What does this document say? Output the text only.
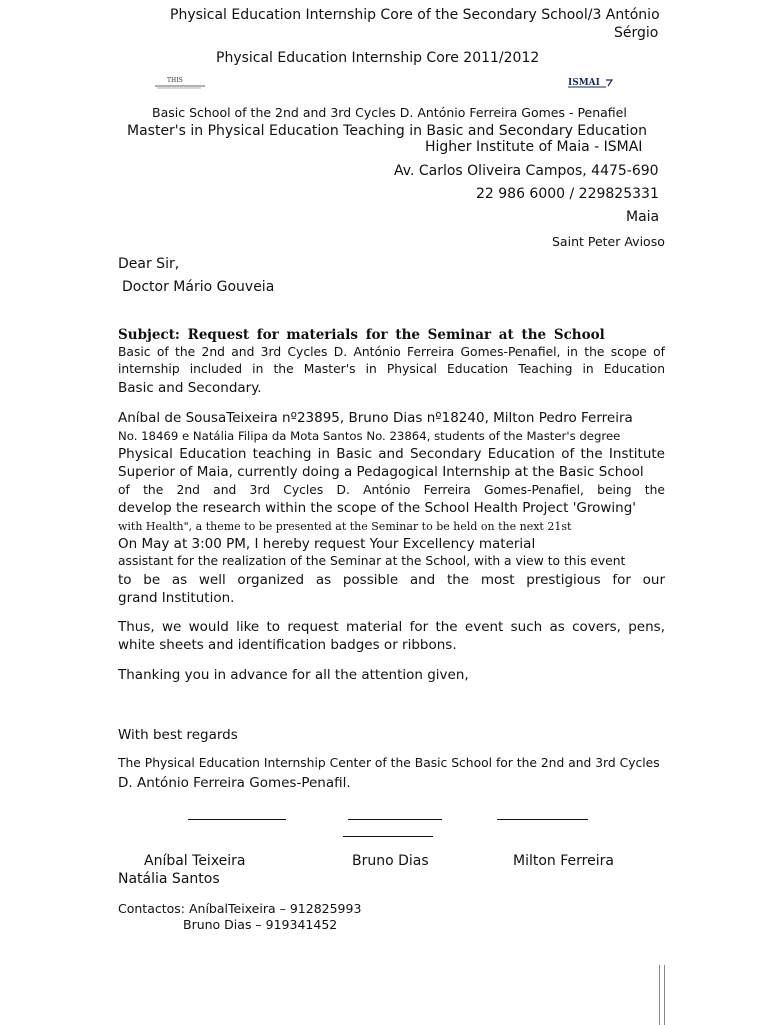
Physical Education Internship Core of the Secondary School/3 António
Sérgio
Physical Education Internship Core 2011/2012
THIS	ISMAI
Basic School of the 2nd and 3rd Cycles D. António Ferreira Gomes - Penafiel
Master's in Physical Education Teaching in Basic and Secondary Education
Higher Institute of Maia - ISMAI
Av. Carlos Oliveira Campos, 4475-690
22 986 6000 / 229825331
Maia
Saint Peter Avioso
Dear Sir,
Doctor Mário Gouveia
Subject: Request for materials for the Seminar at the School
Basic of the 2nd and 3rd Cycles D. António Ferreira Gomes-Penafiel, in the scope of
internship included in the Master's in Physical Education Teaching in Education
Basic and Secondary.
Aníbal de SousaTeixeira nº23895, Bruno Dias nº18240, Milton Pedro Ferreira
No. 18469 e Natália Filipa da Mota Santos No. 23864, students of the Master's degree
Physical Education teaching in Basic and Secondary Education of the Institute
Superior of Maia, currently doing a Pedagogical Internship at the Basic School
of the 2nd and 3rd Cycles D. António Ferreira Gomes-Penafiel, being the
develop the research within the scope of the School Health Project 'Growing'
with Health", a theme to be presented at the Seminar to be held on the next 21st
On May at 3:00 PM, I hereby request Your Excellency material
assistant for the realization of the Seminar at the School, with a view to this event
to be as well organized as possible and the most prestigious for our
grand Institution.
Thus, we would like to request material for the event such as covers, pens,
white sheets and identification badges or ribbons.
Thanking you in advance for all the attention given,
With best regards
The Physical Education Internship Center of the Basic School for the 2nd and 3rd Cycles
D. António Ferreira Gomes-Penafil.
Aníbal Teixeira	Bruno Dias	Milton Ferreira
Natália Santos
Contactos: AníbalTeixeira – 912825993
Bruno Dias – 919341452
